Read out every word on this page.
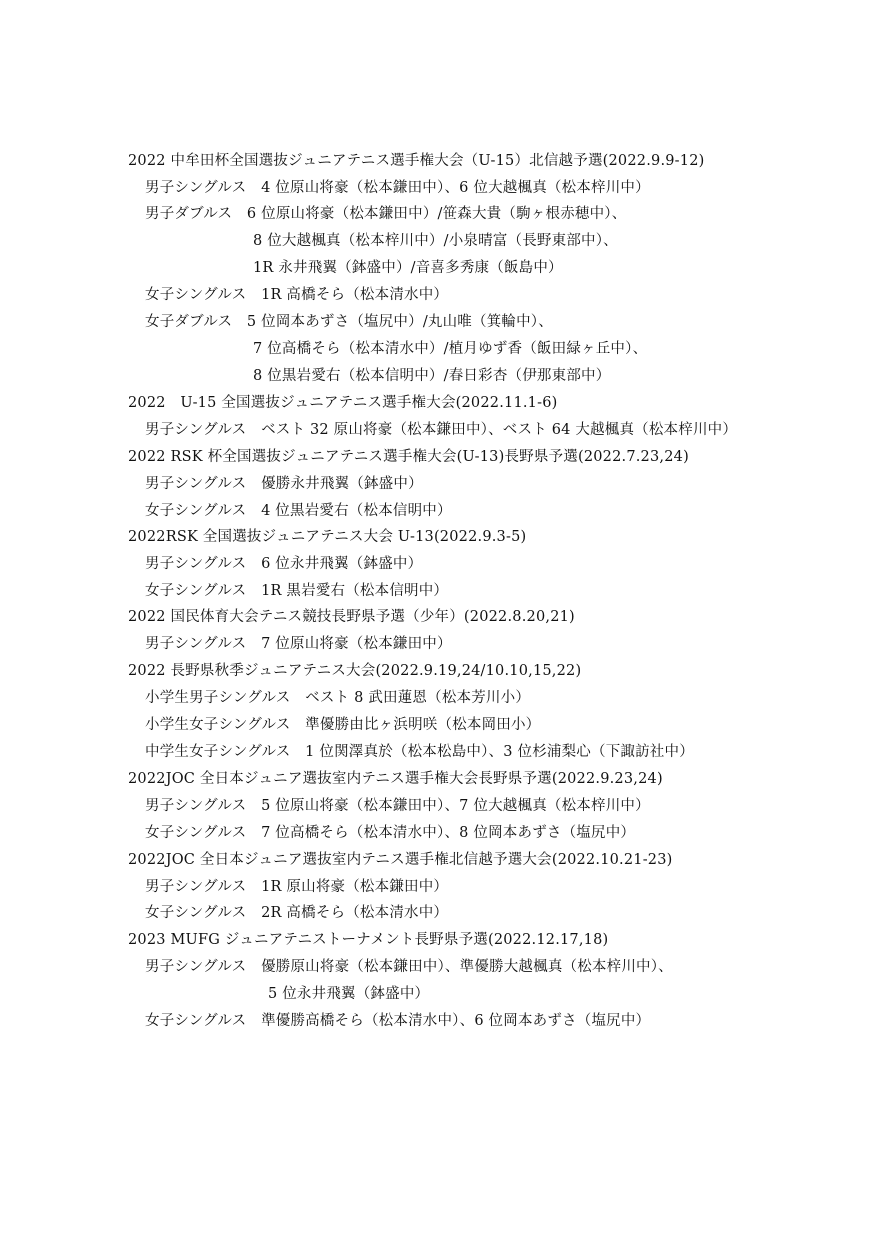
2022 中牟田杯全国選抜ジュニアテニス選手権大会（U-15）北信越予選(2022.9.9-12)
男子シングルス　4 位原山将豪（松本鎌田中）、6 位大越楓真（松本梓川中）
男子ダブルス　6 位原山将豪（松本鎌田中）/笹森大貴（駒ヶ根赤穂中）、
8 位大越楓真（松本梓川中）/小泉晴富（長野東部中）、
1R 永井飛翼（鉢盛中）/音喜多秀康（飯島中）
女子シングルス　1R 高橋そら（松本清水中）
女子ダブルス　5 位岡本あずさ（塩尻中）/丸山唯（箕輪中）、
7 位高橋そら（松本清水中）/植月ゆず香（飯田緑ヶ丘中）、
8 位黒岩愛右（松本信明中）/春日彩杏（伊那東部中）
2022　U-15 全国選抜ジュニアテニス選手権大会(2022.11.1-6)
男子シングルス　ベスト 32 原山将豪（松本鎌田中）、ベスト 64 大越楓真（松本梓川中）
2022 RSK 杯全国選抜ジュニアテニス選手権大会(U-13)長野県予選(2022.7.23,24)
男子シングルス　優勝永井飛翼（鉢盛中）
女子シングルス　4 位黒岩愛右（松本信明中）
2022RSK 全国選抜ジュニアテニス大会 U-13(2022.9.3-5)
男子シングルス　6 位永井飛翼（鉢盛中）
女子シングルス　1R 黒岩愛右（松本信明中）
2022 国民体育大会テニス競技長野県予選（少年）(2022.8.20,21)
男子シングルス　7 位原山将豪（松本鎌田中）
2022 長野県秋季ジュニアテニス大会(2022.9.19,24/10.10,15,22)
小学生男子シングルス　ベスト 8 武田蓮恩（松本芳川小）
小学生女子シングルス　準優勝由比ヶ浜明咲（松本岡田小）
中学生女子シングルス　1 位関澤真於（松本松島中）、3 位杉浦梨心（下諏訪社中）
2022JOC 全日本ジュニア選抜室内テニス選手権大会長野県予選(2022.9.23,24)
男子シングルス　5 位原山将豪（松本鎌田中）、7 位大越楓真（松本梓川中）
女子シングルス　7 位高橋そら（松本清水中）、8 位岡本あずさ（塩尻中）
2022JOC 全日本ジュニア選抜室内テニス選手権北信越予選大会(2022.10.21-23)
男子シングルス　1R 原山将豪（松本鎌田中）
女子シングルス　2R 高橋そら（松本清水中）
2023 MUFG ジュニアテニストーナメント長野県予選(2022.12.17,18)
男子シングルス　優勝原山将豪（松本鎌田中）、準優勝大越楓真（松本梓川中）、
5 位永井飛翼（鉢盛中）
女子シングルス　準優勝高橋そら（松本清水中）、6 位岡本あずさ（塩尻中）
